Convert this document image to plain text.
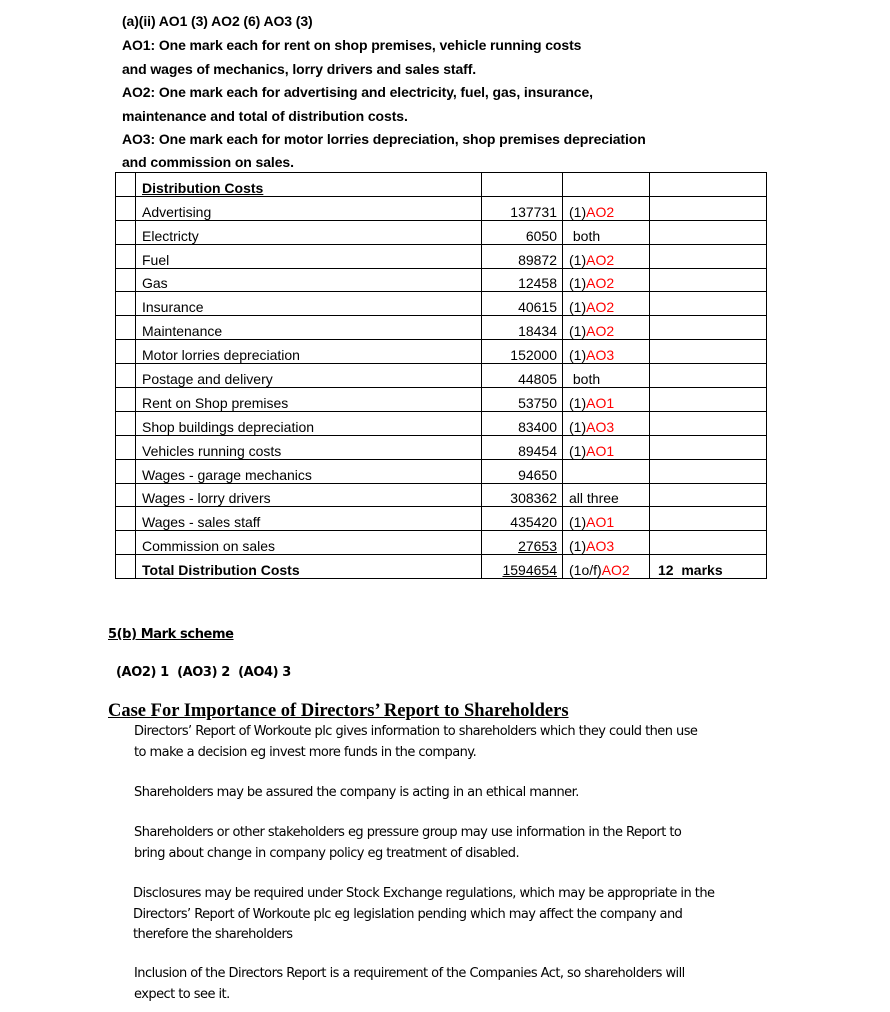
(a)(ii) AO1 (3) AO2 (6) AO3 (3)
AO1: One mark each for rent on shop premises, vehicle running costs
and wages of mechanics, lorry drivers and sales staff.
AO2: One mark each for advertising and electricity, fuel, gas, insurance,
maintenance and total of distribution costs.
AO3: One mark each for motor lorries depreciation, shop premises depreciation
and commission on sales.
	Distribution Costs			
	Advertising	137731	(1)AO2	
	Electricty	6050	both	
	Fuel	89872	(1)AO2	
	Gas	12458	(1)AO2	
	Insurance	40615	(1)AO2	
	Maintenance	18434	(1)AO2	
	Motor lorries depreciation	152000	(1)AO3	
	Postage and delivery	44805	both	
	Rent on Shop premises	53750	(1)AO1	
	Shop buildings depreciation	83400	(1)AO3	
	Vehicles running costs	89454	(1)AO1	
	Wages - garage mechanics	94650		
	Wages - lorry drivers	308362	all three	
	Wages - sales staff	435420	(1)AO1	
	Commission on sales	27653	(1)AO3	
	Total Distribution Costs	1594654	(1o/f)AO2	12  marks
5(b) Mark scheme
(AO2) 1  (AO3) 2  (AO4) 3
Case For Importance of Directors’ Report to Shareholders
Directors’ Report of Workoute plc gives information to shareholders which they could then use
to make a decision eg invest more funds in the company.
Shareholders may be assured the company is acting in an ethical manner.
Shareholders or other stakeholders eg pressure group may use information in the Report to
bring about change in company policy eg treatment of disabled.
Disclosures may be required under Stock Exchange regulations, which may be appropriate in the
Directors’ Report of Workoute plc eg legislation pending which may affect the company and
therefore the shareholders
Inclusion of the Directors Report is a requirement of the Companies Act, so shareholders will
expect to see it.
